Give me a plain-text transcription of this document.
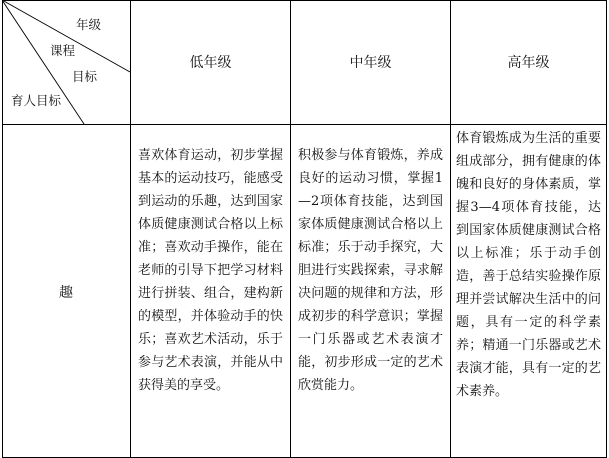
年级
课程
目标
育人目标
低年级	中年级	高年级
趣
喜欢体育运动，初步掌握基本的运动技巧，能感受到运动的乐趣，达到国家体质健康测试合格以上标准；喜欢动手操作，能在老师的引导下把学习材料进行拼装、组合，建构新的模型，并体验动手的快乐；喜欢艺术活动，乐于参与艺术表演，并能从中获得美的享受。
积极参与体育锻炼，养成良好的运动习惯，掌握1—2项体育技能，达到国家体质健康测试合格以上标准；乐于动手探究，大胆进行实践探索，寻求解决问题的规律和方法，形成初步的科学意识；掌握一门乐器或艺术表演才能，初步形成一定的艺术欣赏能力。
体育锻炼成为生活的重要组成部分，拥有健康的体魄和良好的身体素质，掌握3—4项体育技能，达到国家体质健康测试合格以上标准；乐于动手创造，善于总结实验操作原理并尝试解决生活中的问题，具有一定的科学素养；精通一门乐器或艺术表演才能，具有一定的艺术素养。
